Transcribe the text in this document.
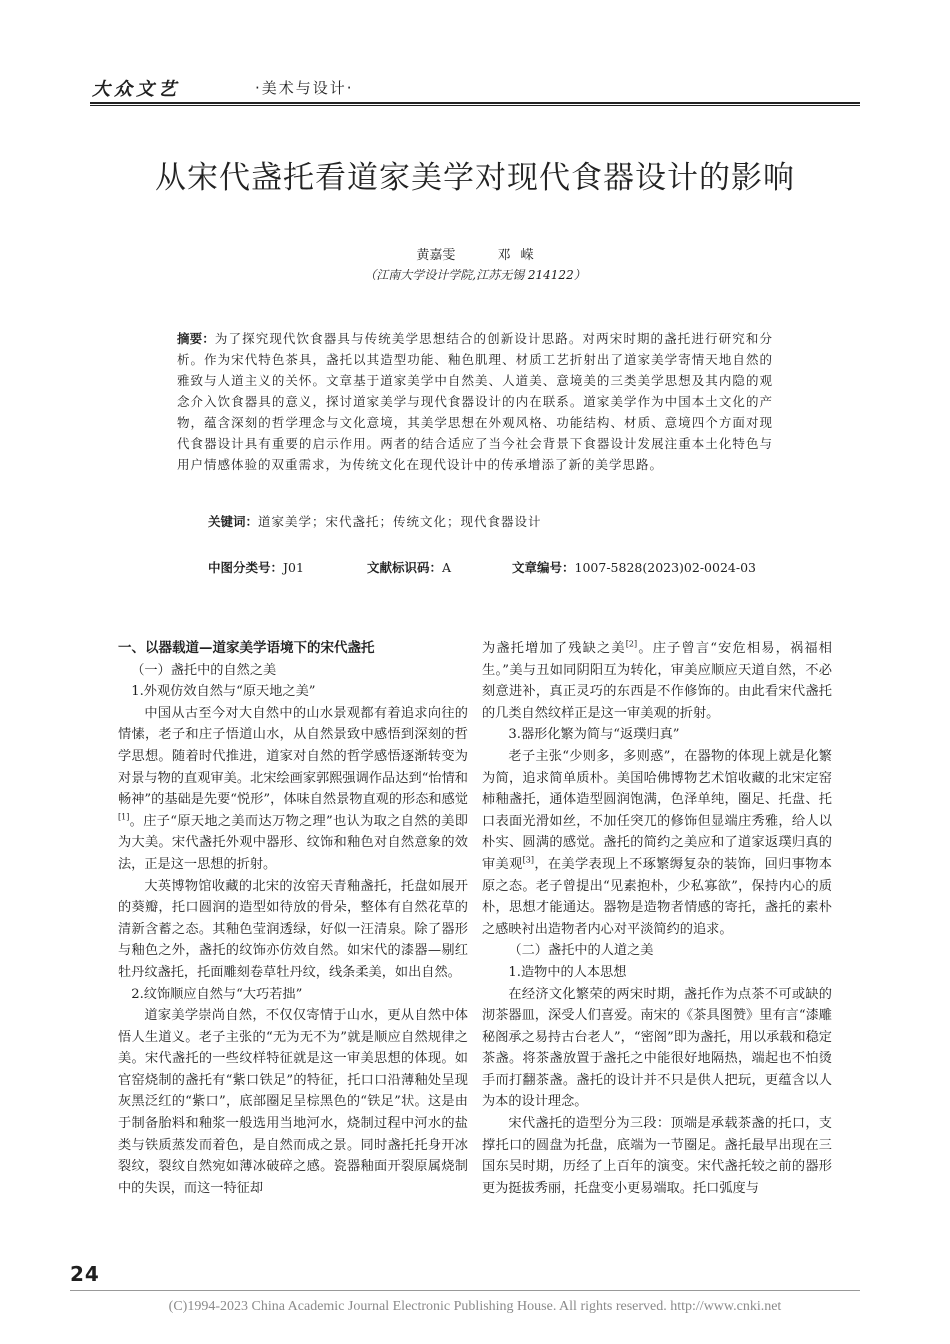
大众文艺	·美术与设计·
从宋代盏托看道家美学对现代食器设计的影响
黄嘉雯	邓 嵘
（江南大学设计学院,江苏无锡 214122）
摘要：为了探究现代饮食器具与传统美学思想结合的创新设计思路。对两宋时期的盏托进行研究和分析。作为宋代特色茶具，盏托以其造型功能、釉色肌理、材质工艺折射出了道家美学寄情天地自然的雅致与人道主义的关怀。文章基于道家美学中自然美、人道美、意境美的三类美学思想及其内隐的观念介入饮食器具的意义，探讨道家美学与现代食器设计的内在联系。道家美学作为中国本土文化的产物，蕴含深刻的哲学理念与文化意境，其美学思想在外观风格、功能结构、材质、意境四个方面对现代食器设计具有重要的启示作用。两者的结合适应了当今社会背景下食器设计发展注重本土化特色与用户情感体验的双重需求，为传统文化在现代设计中的传承增添了新的美学思路。
关键词：道家美学；宋代盏托；传统文化；现代食器设计
中图分类号：J01	文献标识码：A	文章编号：1007-5828(2023)02-0024-03
一、以器载道—道家美学语境下的宋代盏托
（一）盏托中的自然之美
1.外观仿效自然与“原天地之美”

中国从古至今对大自然中的山水景观都有着追求向往的情愫，老子和庄子悟道山水，从自然景致中感悟到深刻的哲学思想。随着时代推进，道家对自然的哲学感悟逐渐转变为对景与物的直观审美。北宋绘画家郭熙强调作品达到“怡情和畅神”的基础是先要“悦形”，体味自然景物直观的形态和感觉[1]。庄子“原天地之美而达万物之理”也认为取之自然的美即为大美。宋代盏托外观中器形、纹饰和釉色对自然意象的效法，正是这一思想的折射。

大英博物馆收藏的北宋的汝窑天青釉盏托，托盘如展开的葵瓣，托口圆润的造型如待放的骨朵，整体有自然花草的清新含蓄之态。其釉色莹润透绿，好似一汪清泉。除了器形与釉色之外，盏托的纹饰亦仿效自然。如宋代的漆器—剔红牡丹纹盏托，托面雕刻卷草牡丹纹，线条柔美，如出自然。

2.纹饰顺应自然与“大巧若拙”

道家美学崇尚自然，不仅仅寄情于山水，更从自然中体悟人生道义。老子主张的“无为无不为”就是顺应自然规律之美。宋代盏托的一些纹样特征就是这一审美思想的体现。如官窑烧制的盏托有“紫口铁足”的特征，托口口沿薄釉处呈现灰黑泛红的“紫口”，底部圈足呈棕黑色的“铁足”状。这是由于制备胎料和釉浆一般选用当地河水，烧制过程中河水的盐类与铁质蒸发而着色，是自然而成之景。同时盏托托身开冰裂纹，裂纹自然宛如薄冰破碎之感。瓷器釉面开裂原属烧制中的失误，而这一特征却

为盏托增加了残缺之美[2]。庄子曾言“安危相易，祸福相生。”美与丑如同阴阳互为转化，审美应顺应天道自然，不必刻意进补，真正灵巧的东西是不作修饰的。由此看宋代盏托的几类自然纹样正是这一审美观的折射。

3.器形化繁为简与“返璞归真”

老子主张“少则多，多则惑”，在器物的体现上就是化繁为简，追求简单质朴。美国哈佛博物艺术馆收藏的北宋定窑柿釉盏托，通体造型圆润饱满，色泽单纯，圈足、托盘、托口表面光滑如丝，不加任突兀的修饰但显端庄秀雅，给人以朴实、圆满的感觉。盏托的简约之美应和了道家返璞归真的审美观[3]，在美学表现上不琢繁缛复杂的装饰，回归事物本原之态。老子曾提出“见素抱朴，少私寡欲”，保持内心的质朴，思想才能通达。器物是造物者情感的寄托，盏托的素朴之感映衬出造物者内心对平淡简约的追求。

（二）盏托中的人道之美
1.造物中的人本思想

在经济文化繁荣的两宋时期，盏托作为点茶不可或缺的沏茶器皿，深受人们喜爱。南宋的《茶具图赞》里有言“漆雕秘阁承之易持古台老人”，“密阁”即为盏托，用以承载和稳定茶盏。将茶盏放置于盏托之中能很好地隔热，端起也不怕烫手而打翻茶盏。盏托的设计并不只是供人把玩，更蕴含以人为本的设计理念。

宋代盏托的造型分为三段：顶端是承载茶盏的托口，支撑托口的圆盘为托盘，底端为一节圈足。盏托最早出现在三国东吴时期，历经了上百年的演变。宋代盏托较之前的器形更为挺拔秀丽，托盘变小更易端取。托口弧度与

24
(C)1994-2023 China Academic Journal Electronic Publishing House. All rights reserved. http://www.cnki.net
